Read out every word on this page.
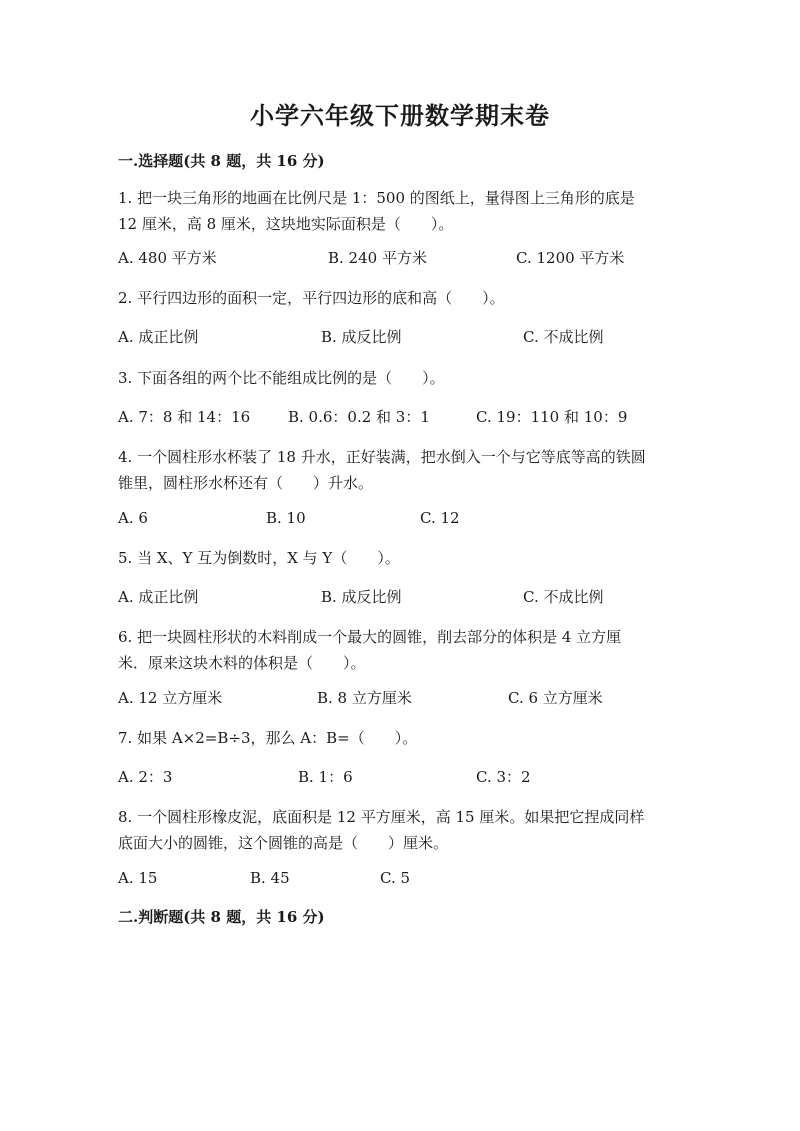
小学六年级下册数学期末卷
一.选择题(共 8 题，共 16 分)
1. 把一块三角形的地画在比例尺是 1：500 的图纸上，量得图上三角形的底是
12 厘米，高 8 厘米，这块地实际面积是（　　）。
A. 480 平方米	B. 240 平方米	C. 1200 平方米
2. 平行四边形的面积一定，平行四边形的底和高（　　）。
A. 成正比例	B. 成反比例	C. 不成比例
3. 下面各组的两个比不能组成比例的是（　　）。
A. 7：8 和 14：16	B. 0.6：0.2 和 3：1	C. 19：110 和 10：9
4. 一个圆柱形水杯装了 18 升水，正好装满，把水倒入一个与它等底等高的铁圆
锥里，圆柱形水杯还有（　　）升水。
A. 6	B. 10	C. 12
5. 当 X、Y 互为倒数时，X 与 Y（　　）。
A. 成正比例	B. 成反比例	C. 不成比例
6. 把一块圆柱形状的木料削成一个最大的圆锥，削去部分的体积是 4 立方厘
米．原来这块木料的体积是（　　）。
A. 12 立方厘米	B. 8 立方厘米	C. 6 立方厘米
7. 如果 A×2=B÷3，那么 A：B=（　　）。
A. 2：3	B. 1：6	C. 3：2
8. 一个圆柱形橡皮泥，底面积是 12 平方厘米，高 15 厘米。如果把它捏成同样
底面大小的圆锥，这个圆锥的高是（　　）厘米。
A. 15	B. 45	C. 5
二.判断题(共 8 题，共 16 分)
